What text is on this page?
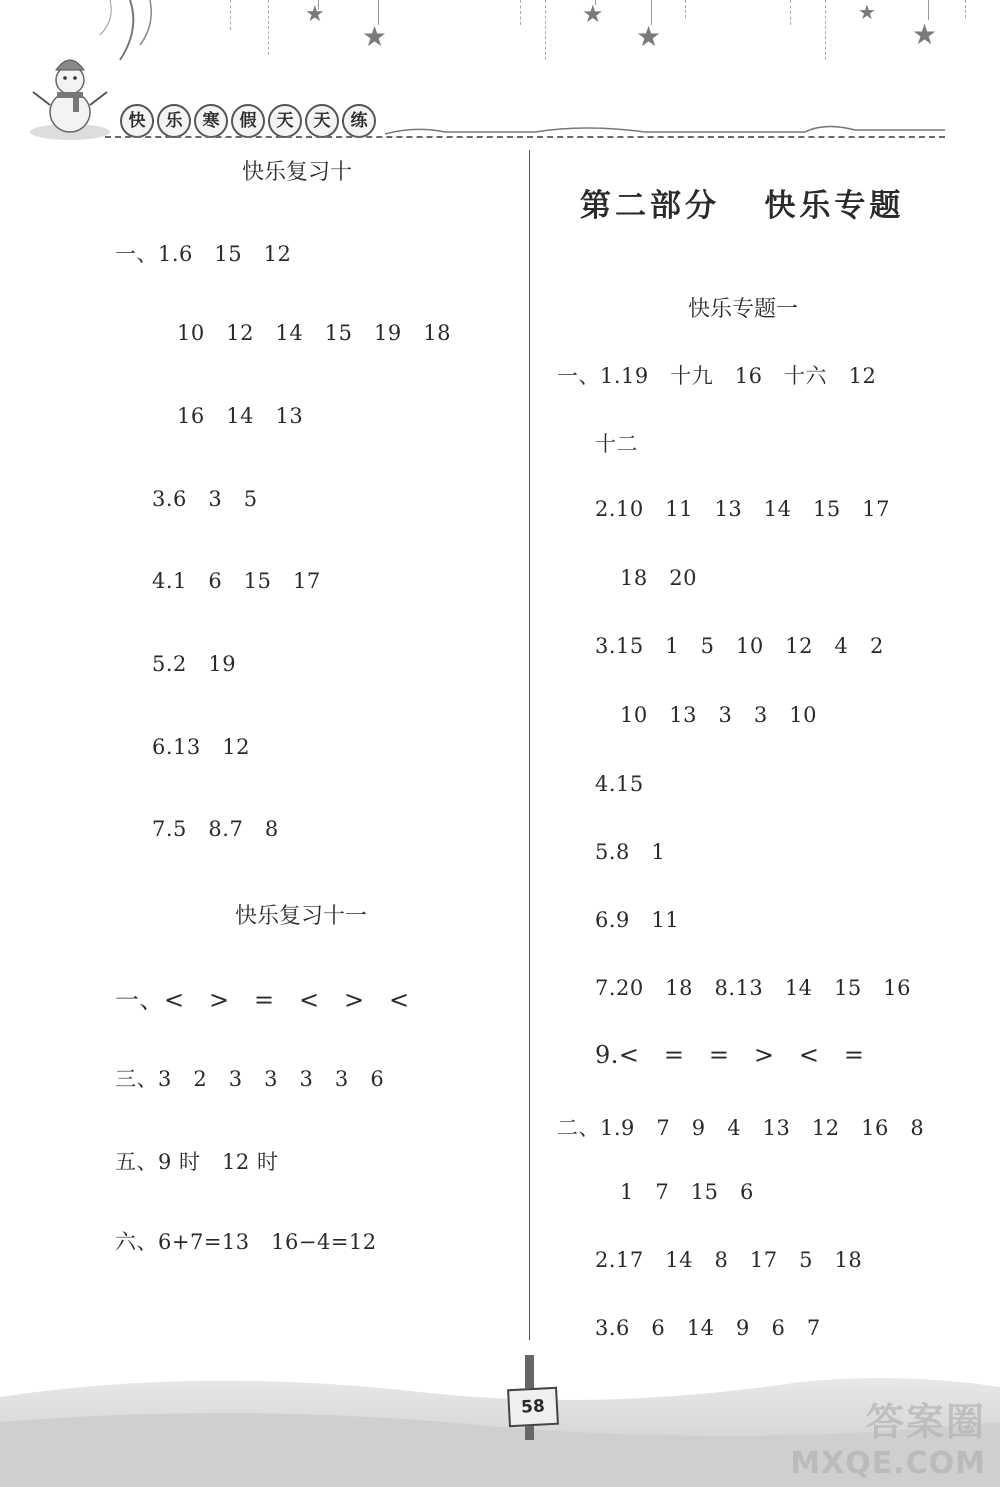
★

★

★

★

★

★

快

	乐

	寒

	假

	天

	天

	练

快乐复习十
一、1.6   15   12
10   12   14   15   19   18
16   14   13
3.6   3   5
4.1   6   15   17
5.2   19
6.13   12
7.5   8.7   8
快乐复习十一
一、<   >   =   <   >   <
三、3   2   3   3   3   3   6
五、9 时   12 时
六、6+7=13   16−4=12
第二部分   快乐专题
快乐专题一
一、1.19   十九   16   十六   12
十二
2.10   11   13   14   15   17
18   20
3.15   1   5   10   12   4   2
10   13   3   3   10
4.15
5.8   1
6.9   11
7.20   18   8.13   14   15   16
9.<   =   =   >   <   =
二、1.9   7   9   4   13   12   16   8
1   7   15   6
2.17   14   8   17   5   18
3.6   6   14   9   6   7
58	答案圈
MXQE.COM
